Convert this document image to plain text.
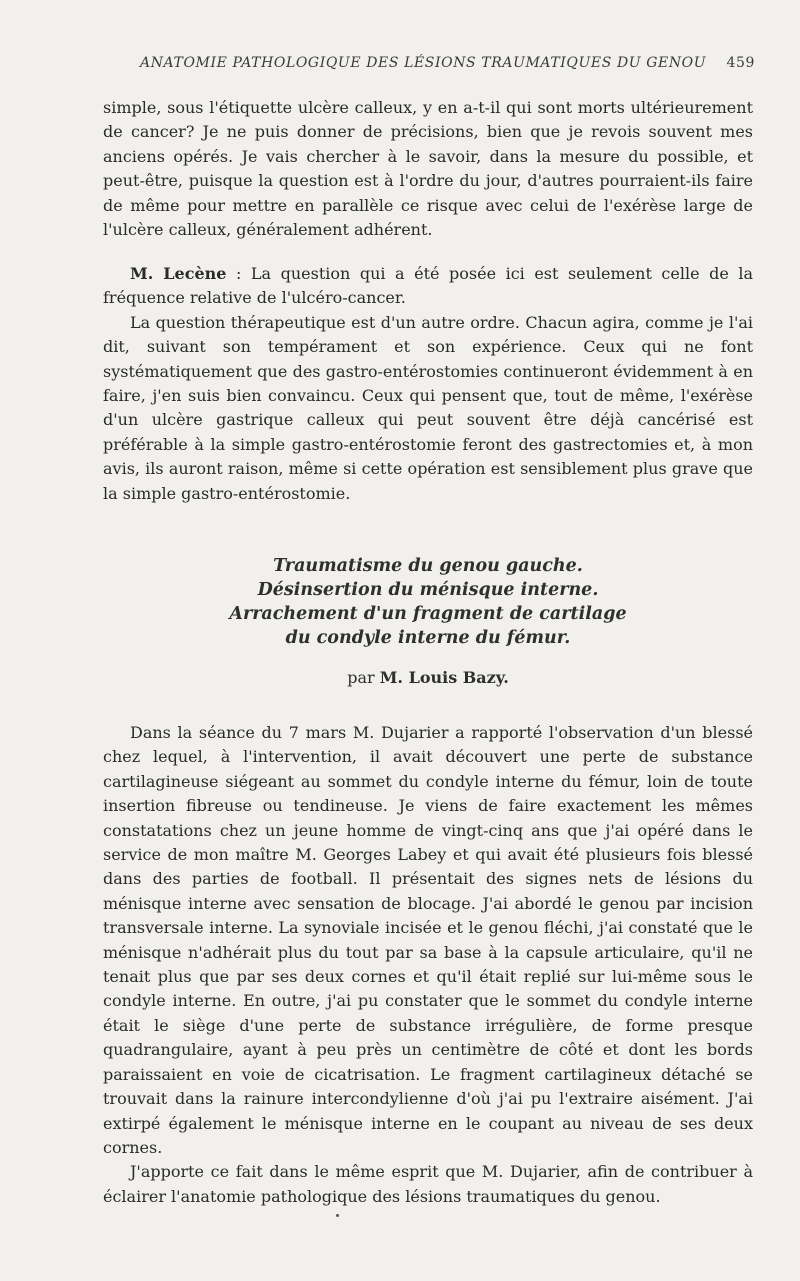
ANATOMIE PATHOLOGIQUE DES LÉSIONS TRAUMATIQUES DU GENOU 459

simple, sous l'étiquette ulcère calleux, y en a-t-il qui sont morts ultérieurement de cancer? Je ne puis donner de précisions, bien que je revois souvent mes anciens opérés. Je vais chercher à le savoir, dans la mesure du possible, et peut-être, puisque la question est à l'ordre du jour, d'autres pourraient-ils faire de même pour mettre en parallèle ce risque avec celui de l'exérèse large de l'ulcère calleux, généralement adhérent.

M. Lecène : La question qui a été posée ici est seulement celle de la fréquence relative de l'ulcéro-cancer.

La question thérapeutique est d'un autre ordre. Chacun agira, comme je l'ai dit, suivant son tempérament et son expérience. Ceux qui ne font systématiquement que des gastro-entérostomies continueront évidemment à en faire, j'en suis bien convaincu. Ceux qui pensent que, tout de même, l'exérèse d'un ulcère gastrique calleux qui peut souvent être déjà cancérisé est préférable à la simple gastro-entérostomie feront des gastrectomies et, à mon avis, ils auront raison, même si cette opération est sensiblement plus grave que la simple gastro-entérostomie.

Traumatisme du genou gauche.
Désinsertion du ménisque interne.
Arrachement d'un fragment de cartilage
du condyle interne du fémur.
par M. Louis Bazy.

Dans la séance du 7 mars M. Dujarier a rapporté l'observation d'un blessé chez lequel, à l'intervention, il avait découvert une perte de substance cartilagineuse siégeant au sommet du condyle interne du fémur, loin de toute insertion fibreuse ou tendineuse. Je viens de faire exactement les mêmes constatations chez un jeune homme de vingt-cinq ans que j'ai opéré dans le service de mon maître M. Georges Labey et qui avait été plusieurs fois blessé dans des parties de football. Il présentait des signes nets de lésions du ménisque interne avec sensation de blocage. J'ai abordé le genou par incision transversale interne. La synoviale incisée et le genou fléchi, j'ai constaté que le ménisque n'adhérait plus du tout par sa base à la capsule articulaire, qu'il ne tenait plus que par ses deux cornes et qu'il était replié sur lui-même sous le condyle interne. En outre, j'ai pu constater que le sommet du condyle interne était le siège d'une perte de substance irrégulière, de forme presque quadrangulaire, ayant à peu près un centimètre de côté et dont les bords paraissaient en voie de cicatrisation. Le fragment cartilagineux détaché se trouvait dans la rainure intercondylienne d'où j'ai pu l'extraire aisément. J'ai extirpé également le ménisque interne en le coupant au niveau de ses deux cornes.

J'apporte ce fait dans le même esprit que M. Dujarier, afin de contribuer à éclairer l'anatomie pathologique des lésions traumatiques du genou.
